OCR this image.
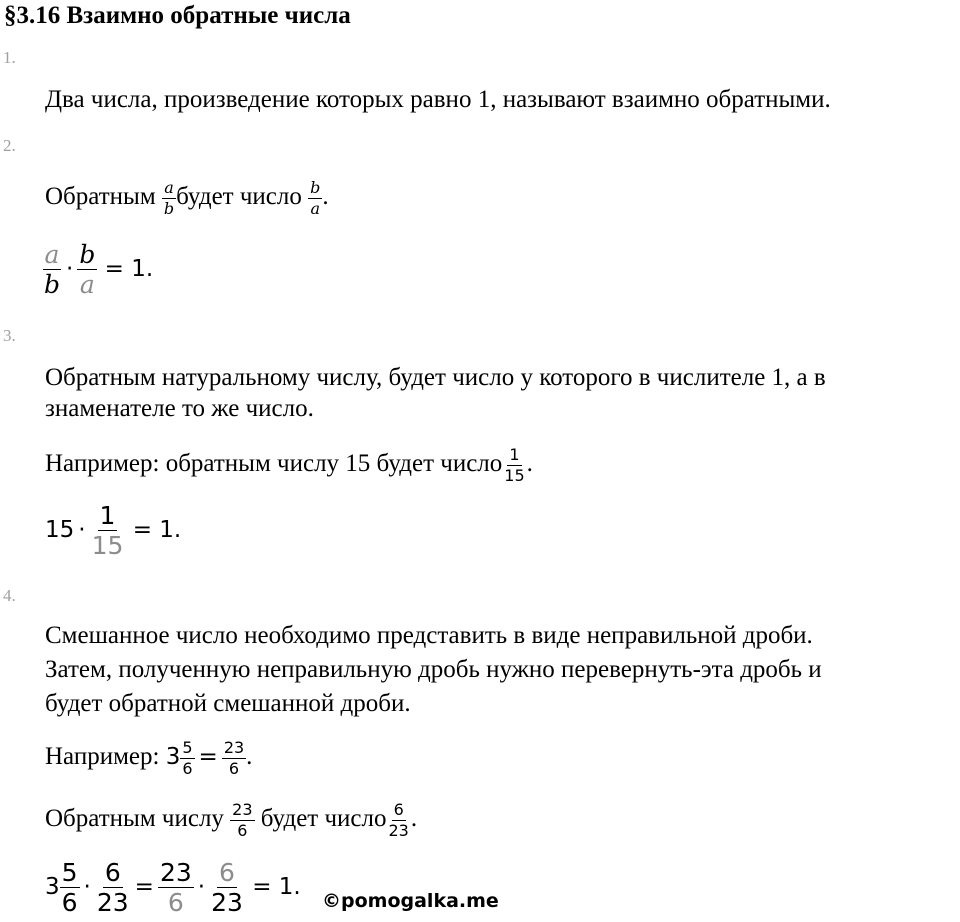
§3.16 Взаимно обратные числа
1.
Два числа, произведение которых равно 1, называют взаимно обратными.
2.
Обратным $\frac{a}{b}$ будет число $\frac{b}{a}$ .
$\frac{a}{b} \cdot \frac{b}{a} = 1$.
3.
Обратным натуральному числу, будет число у которого в числителе 1, а в
знаменателе то же число.
Например: обратным числу 15 будет число $\frac{1}{15}$ .
$15 \cdot \frac{1}{15} = 1$.
4.
Смешанное число необходимо представить в виде неправильной дроби.
Затем, полученную неправильную дробь нужно перевернуть-эта дробь и
будет обратной смешанной дроби.
Например: $3 \frac{5}{6} = \frac{23}{6}$ .
Обратным числу $\frac{23}{6}$ будет число $\frac{6}{23}$ .
$3 \frac{5}{6} \cdot \frac{6}{23} = \frac{23}{6} \cdot \frac{6}{23} = 1$.
©pomogalka.me
